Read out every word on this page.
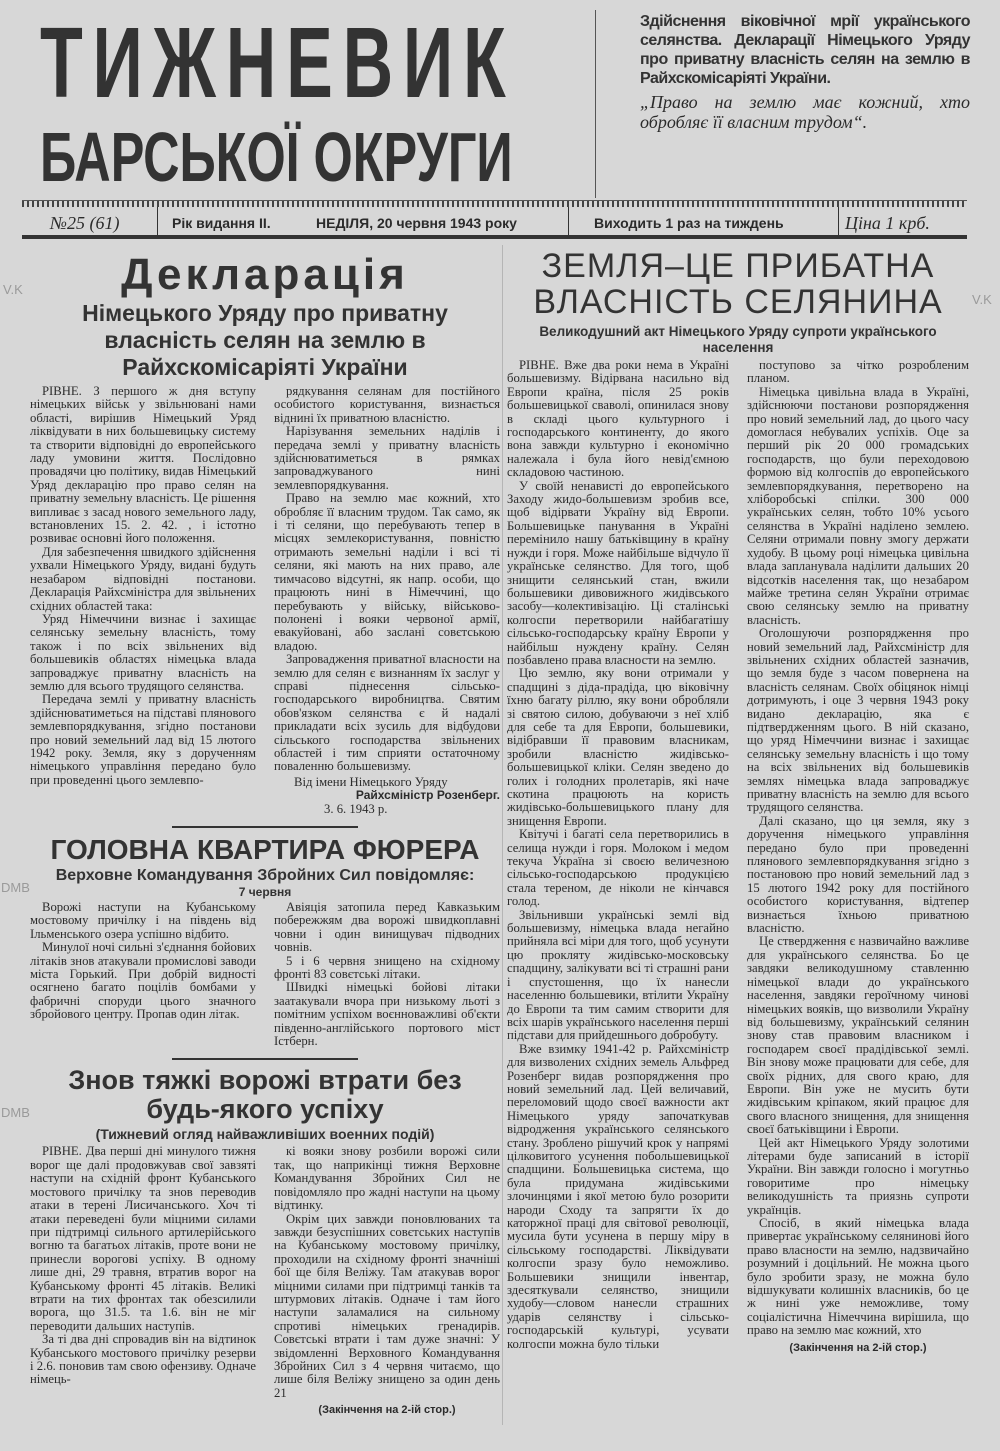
ТИЖНЕВИК
БАРСЬКОЇ ОКРУГИ
Здійснення віковічної мрії українського селянства. Декларації Німецького Уряду про приватну власність селян на землю в Райхскомісаріяті України.
„Право на землю має кожний, хто обробляє її власним трудом“.
№25 (61)	Рік видання II.	НЕДІЛЯ, 20 червня 1943 року	Виходить 1 раз на тиждень	Ціна 1 крб.
V.K
V.K
DMB
DMB
Декларація
Німецького Уряду про приватну власність селян на землю в Райхскомісаріяті України

РІВНЕ. З першого ж дня вступу німецьких військ у звільнювані нами області, вирішив Німецький Уряд ліквідувати в них большевицьку систему та створити відповідні до европейського ладу умовини життя. Послідовно провадячи цю політику, видав Німецький Уряд декларацію про право селян на приватну земельну власність. Це рішення випливає з засад нового земельного ладу, встановлених 15. 2. 42. , і істотно розвиває основні його положення.

Для забезпечення швидкого здійснення ухвали Німецького Уряду, видані будуть незабаром відповідні постанови. Декларація Райхсміністра для звільнених східних областей така:

Уряд Німеччини визнає і захищає селянську земельну власність, тому також і по всіх звільнених від большевиків областях німецька влада запроваджує приватну власність на землю для всього трудящого селянства.

Передача землі у приватну власність здійснюватиметься на підставі плянового землевпорядкування, згідно постанови про новий земельний лад від 15 лютого 1942 року. Земля, яку з дорученням німецького управління передано було при проведенні цього землевпо-

рядкування селянам для постійного особистого користування, визнається віднині їх приватною власністю.

Нарізування земельних наділів і передача землі у приватну власність здійснюватиметься в рямках запроваджуваного нині землевпорядкування.

Право на землю має кожний, хто обробляє її власним трудом. Так само, як і ті селяни, що перебувають тепер в місцях землекористування, повністю отримають земельні наділи і всі ті селяни, які мають на них право, але тимчасово відсутні, як напр. особи, що працюють нині в Німеччині, що перебувають у війську, військово-полонені і вояки червоної армії, евакуйовані, або заслані совєтською владою.

Запровадження приватної власности на землю для селян є визнанням їх заслуг у справі піднесення сільсько-господарського виробництва. Святим обов'язком селянства є й надалі прикладати всіх зусиль для відбудови сільського господарства звільнених областей і тим сприяти остаточному поваленню большевизму.

Від імени Німецького Уряду
Райхсміністр Розенберг.
3. 6. 1943 р.
ГОЛОВНА КВАРТИРА ФЮРЕРА
Верховне Командування Збройних Сил повідомляє:
7 червня

Ворожі наступи на Кубанському мостовому причілку і на південь від Ільменського озера успішно відбито.

Минулої ночі сильні з'єднання бойових літаків знов атакували промислові заводи міста Горький. При добрій видності осягнено багато поцілів бомбами у фабричні споруди цього значного збройового центру. Пропав один літак.

Авіяція затопила перед Кавказьким побережжям два ворожі швидкоплавні човни і один винищувач підводних човнів.

5 і 6 червня знищено на східному фронті 83 совєтські літаки.

Швидкі німецькі бойові літаки заатакували вчора при низькому льоті з помітним успіхом воєнноважливі об'єкти південно-англійського портового міст Істберн.

Знов тяжкі ворожі втрати без будь-якого успіху
(Тижневий огляд найважливіших военних подій)

РІВНЕ. Два перші дні минулого тижня ворог ще далі продовжував свої завзяті наступи на східній фронт Кубанського мостового причілку та знов переводив атаки в терені Лисичанського. Хоч ті атаки переведені були міцними силами при підтримці сильного артилерійського вогню та багатьох літаків, проте вони не принесли ворогові успіху. В одному лише дні, 29 травня, втратив ворог на Кубанському фронті 45 літаків. Великі втрати на тих фронтах так обезсилили ворога, що 31.5. та 1.6. він не міг переводити дальших наступів.

За ті два дні спровадив він на відтинок Кубанського мостового причілку резерви і 2.6. поновив там свою офензиву. Одначе німець-

кі вояки знову розбили ворожі сили так, що наприкінці тижня Верховне Командування Збройних Сил не повідомляло про жадні наступи на цьому відтинку.

Окрім цих завжди поновлюваних та завжди безуспішних совєтських наступів на Кубанському мостовому причілку, проходили на східному фронті значніші бої ще біля Веліжу. Там атакував ворог міцними силами при підтримці танків та штурмових літаків. Одначе і там його наступи заламалися на сильному спротиві німецьких гренадирів. Совєтські втрати і там дуже значні: У звідомленні Верховного Командування Збройних Сил з 4 червня читаємо, що лише біля Веліжу знищено за один день 21

(Закінчення на 2-ій стор.)
ЗЕМЛЯ–ЦЕ ПРИБАТНА ВЛАСНІСТЬ СЕЛЯНИНА
Великодушний акт Німецького Уряду супроти українського населення

РІВНЕ. Вже два роки нема в Україні большевизму. Відірвана насильно від Европи країна, після 25 років большевицької сваволі, опинилася знову в складі цього культурного і господарського континенту, до якого вона завжди культурно і економічно належала і була його невід'ємною складовою частиною.

У своїй ненависті до европейського Заходу жидо-большевизм зробив все, щоб відірвати Україну від Европи. Большевицьке панування в Україні перемінило нашу батьківщину в країну нужди і горя. Може найбільше відчуло її українське селянство. Для того, щоб знищити селянський стан, вжили большевики дивовижного жидівського засобу—колективізацію. Ці сталінські колгоспи перетворили найбагатішу сільсько-господарську країну Европи у найбільш нуждену країну. Селян позбавлено права власности на землю.

Цю землю, яку вони отримали у спадщині з діда-прадіда, цю віковічну їхню багату ріллю, яку вони обробляли зі святою силою, добуваючи з неї хліб для себе та для Европи, большевики, відібравши її правовим власникам, зробили власністю жидівсько-большевицької кліки. Селян зведено до голих і голодних пролетарів, які наче скотина працюють на користь жидівсько-большевицького плану для знищення Европи.

Квітучі і багаті села перетворились в селища нужди і горя. Молоком і медом текуча Україна зі своєю величезною сільсько-господарською продукцією стала тереном, де ніколи не кінчався голод.

Звільнивши українські землі від большевизму, німецька влада негайно прийняла всі міри для того, щоб усунути цю прокляту жидівсько-московську спадщину, залікувати всі ті страшні рани і спустошення, що їх нанесли населенню большевики, втілити Україну до Европи та тим самим створити для всіх шарів українського населення перші підстави для прийдешнього добробуту.

Вже взимку 1941-42 р. Райхсміністр для визволених східних земель Альфред Розенберг видав розпорядження про новий земельний лад. Цей величавий, переломовий щодо своєї важности акт Німецького уряду започаткував відродження українського селянського стану. Зроблено рішучий крок у напрямі цілковитого усунення побольшевицької спадщини. Большевицька система, що була придумана жидівськими злочинцями і якої метою було розорити народи Сходу та запрягти їх до каторжної праці для світової революції, мусила бути усунена в першу міру в сільському господарстві. Ліквідувати колгоспи зразу було неможливо. Большевики знищили інвентар, здесяткували селянство, знищили худобу—словом нанесли страшних ударів селянству і сільсько-господарській культурі, усувати колгоспи можна було тільки

поступово за чітко розробленим планом.

Німецька цивільна влада в Україні, здійснюючи постанови розпорядження про новий земельний лад, до цього часу домоглася небувалих успіхів. Оце за перший рік 20 000 громадських господарств, що були переходовою формою від колгоспів до европейського землевпорядкування, перетворено на хліборобські спілки. 300 000 українських селян, тобто 10% усього селянства в Україні наділено землею. Селяни отримали повну змогу держати худобу. В цьому році німецька цивільна влада запланувала наділити дальших 20 відсотків населення так, що незабаром майже третина селян України отримає свою селянську землю на приватну власність.

Оголошуючи розпорядження про новий земельний лад, Райхсміністр для звільнених східних областей зазначив, що земля буде з часом повернена на власність селянам. Своїх обіцянок німці дотримують, і оце 3 червня 1943 року видано декларацію, яка є підтвердженням цього. В ній сказано, що уряд Німеччини визнає і захищає селянську земельну власність і що тому на всіх звільнених від большевиків землях німецька влада запроваджує приватну власність на землю для всього трудящого селянства.

Далі сказано, що ця земля, яку з доручення німецького управління передано було при проведенні плянового землевпорядкування згідно з постановою про новий земельний лад з 15 лютого 1942 року для постійного особистого користування, відтепер визнається їхньою приватною власністю.

Це ствердження є назвичайно важливе для українського селянства. Бо це завдяки великодушному ставленню німецької влади до українського населення, завдяки героїчному чинові німецьких вояків, що визволили Україну від большевизму, український селянин знову став правовим власником і господарем своєї прадідівської землі. Він знову може працювати для себе, для своїх рідних, для свого краю, для Европи. Він уже не мусить бути жидівським кріпаком, який працює для свого власного знищення, для знищення своєї батьківщини і Европи.

Цей акт Німецького Уряду золотими літерами буде записаний в історії України. Він завжди голосно і могутньо говоритиме про німецьку великодушність та приязнь супроти українців.

Спосіб, в який німецька влада привертає українському селянинові його право власности на землю, надзвичайно розумний і доцільний. Не можна цього було зробити зразу, не можна було відшукувати колишніх власників, бо це ж нині уже неможливе, тому соціалістична Німеччина вирішила, що право на землю має кожний, хто

(Закінчення на 2-ій стор.)
